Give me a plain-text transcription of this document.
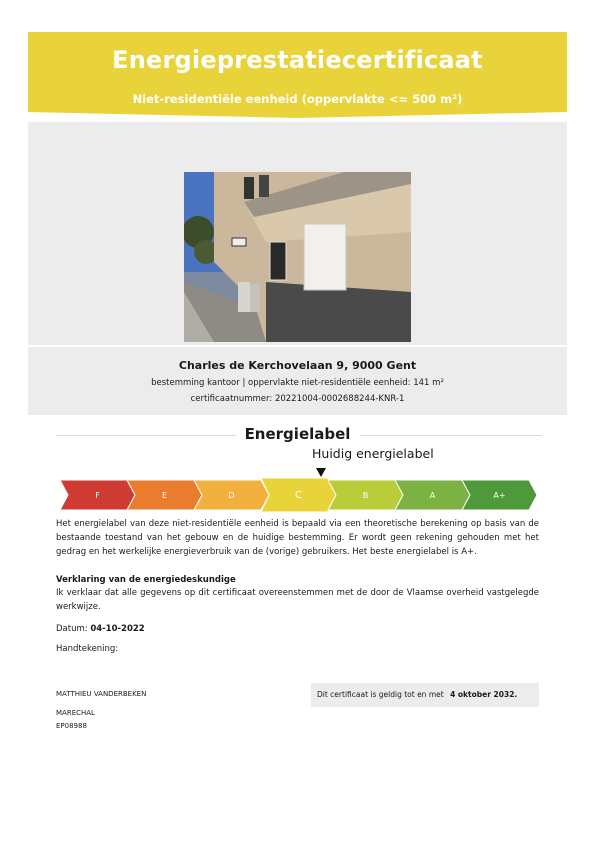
Energieprestatiecertificaat
Niet-residentiële eenheid (oppervlakte <= 500 m²)
Charles de Kerchovelaan 9, 9000 Gent
bestemming kantoor | oppervlakte niet-residentiële eenheid: 141 m²
certificaatnummer: 20221004-0002688244-KNR-1
Energielabel
Huidig energielabel
F	E	D	C	B	A	A+
Het energielabel van deze niet-residentiële eenheid is bepaald via een theoretische berekening op basis van de bestaande toestand van het gebouw en de huidige bestemming. Er wordt geen rekening gehouden met het gedrag en het werkelijke energieverbruik van de (vorige) gebruikers. Het beste energielabel is A+.
Verklaring van de energiedeskundige
Ik verklaar dat alle gegevens op dit certificaat overeenstemmen met de door de Vlaamse overheid vastgelegde werkwijze.
Datum: 04-10-2022
Handtekening:
MATTHIEU VANDERBEKEN
MARECHAL
EP08988
Dit certificaat is geldig tot en met 4 oktober 2032.
